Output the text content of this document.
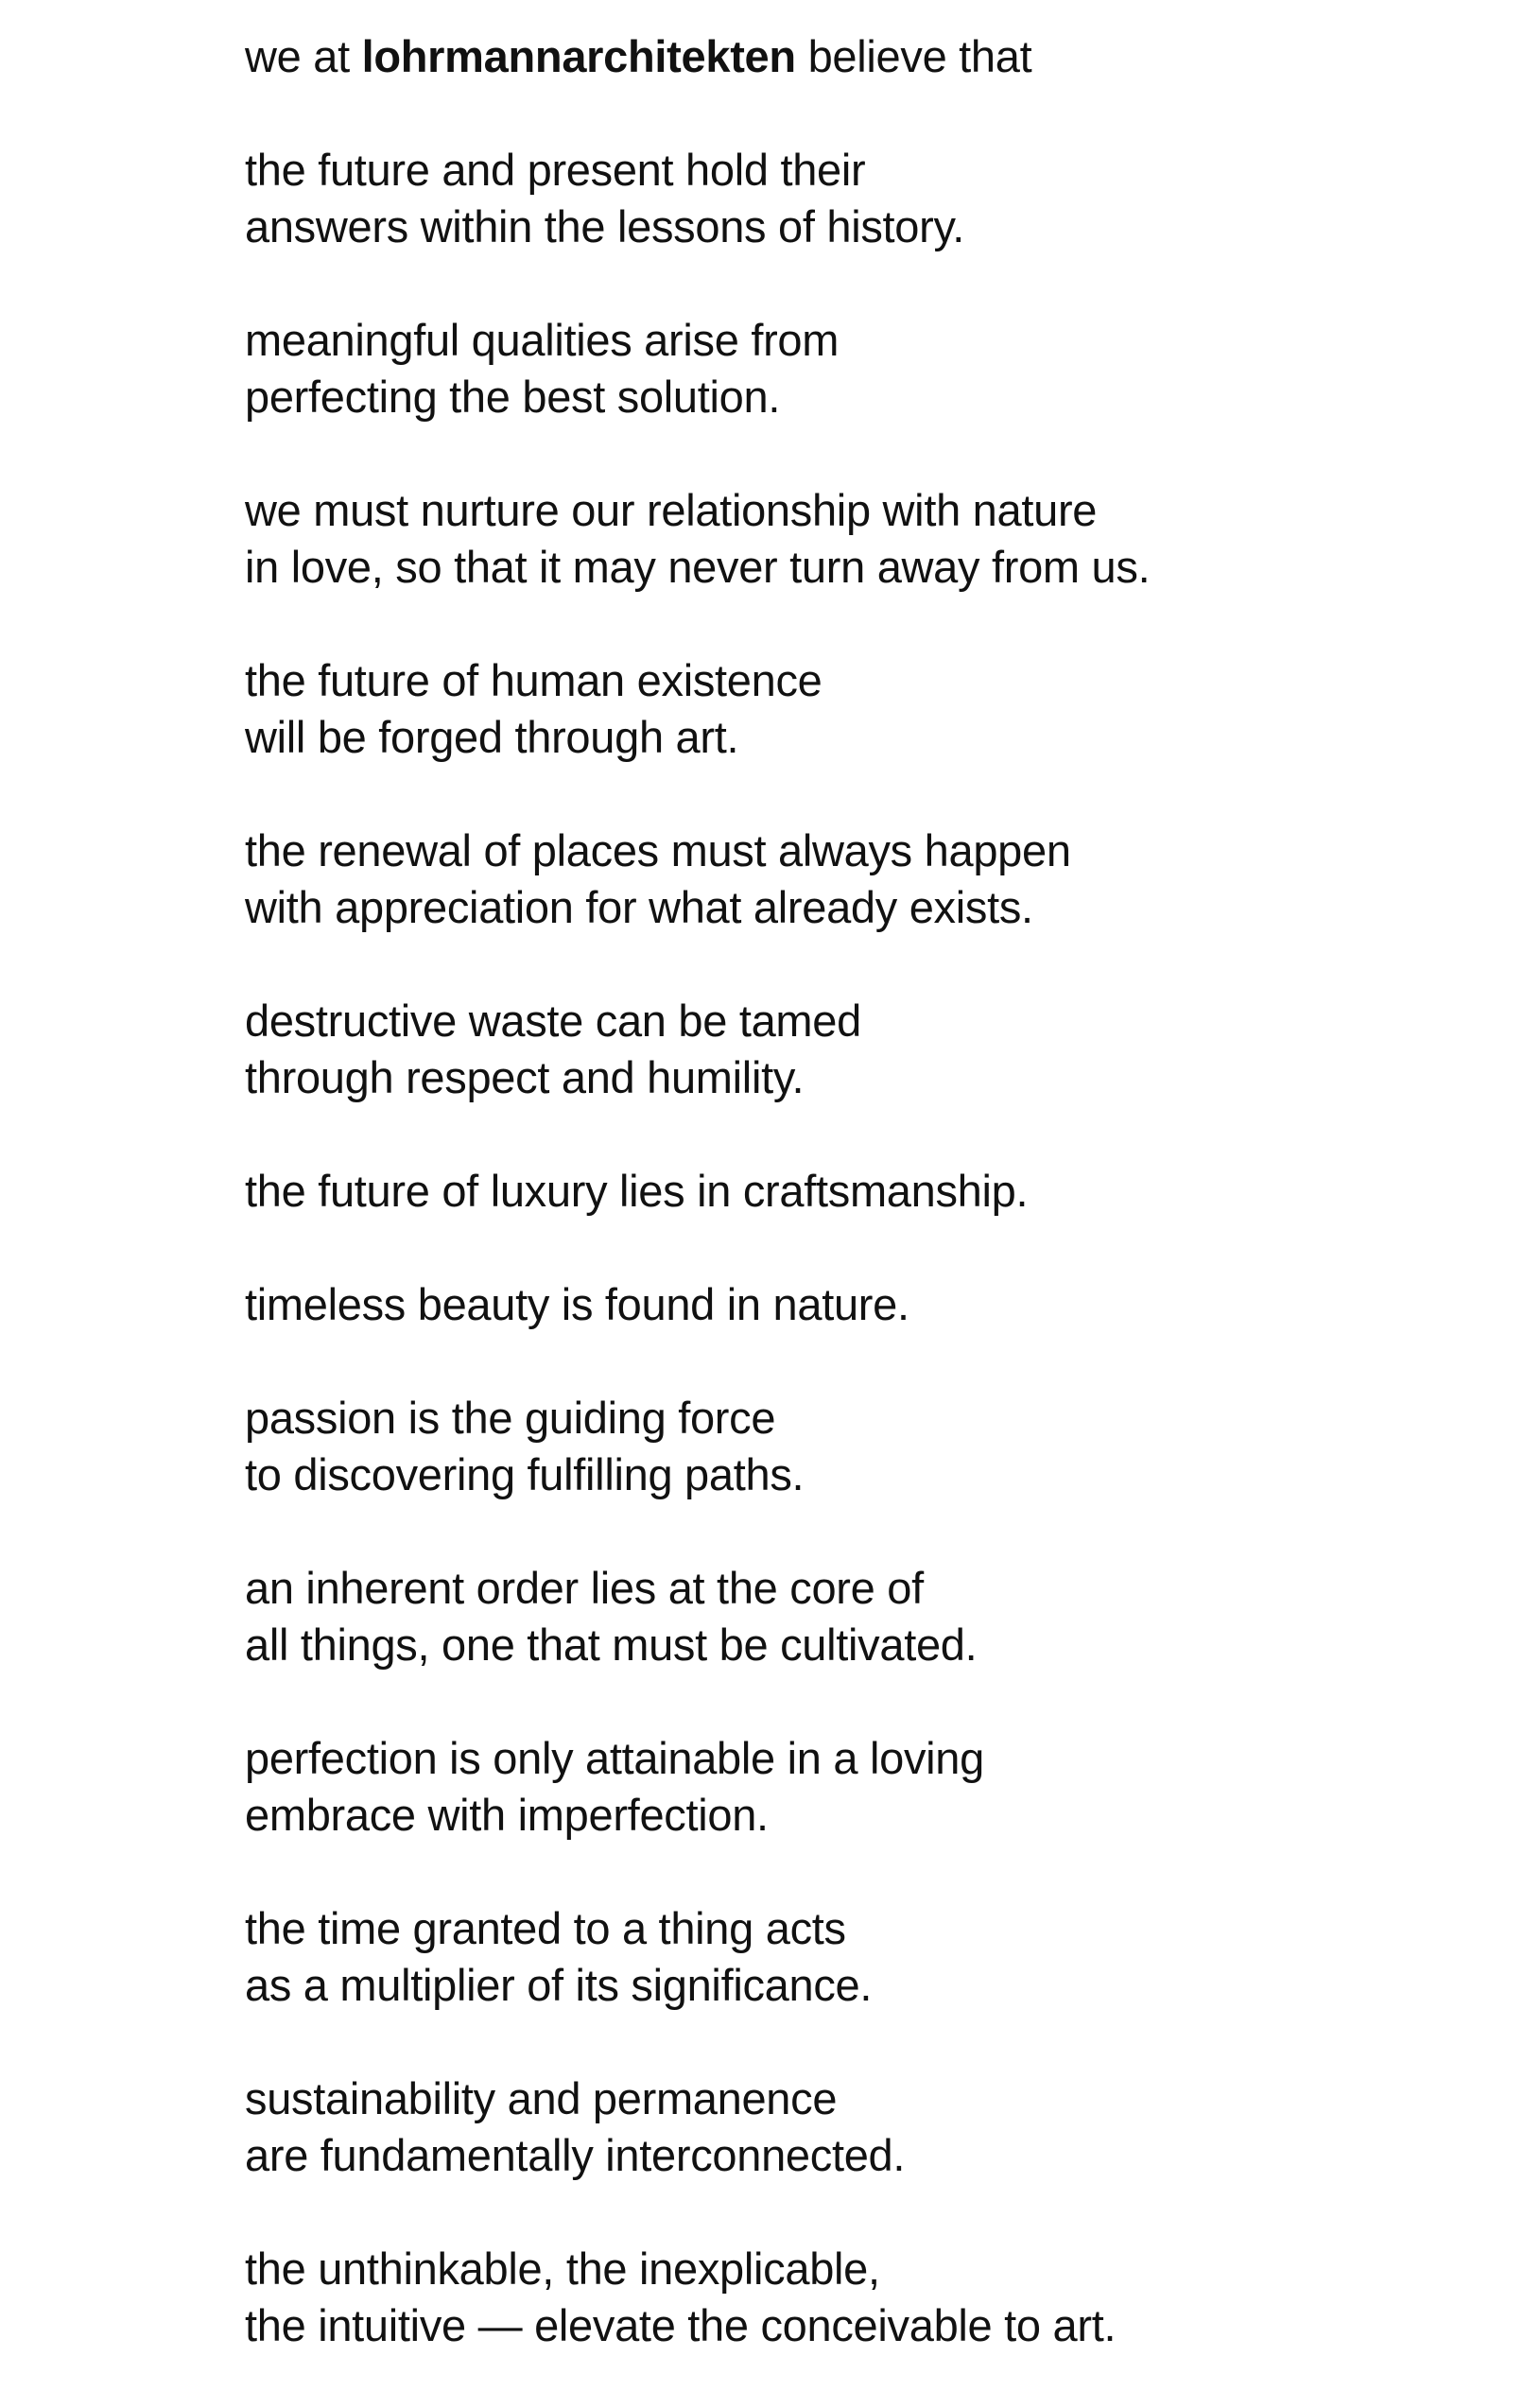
we at lohrmannarchitekten believe that
the future and present hold their
answers within the lessons of history.
meaningful qualities arise from
perfecting the best solution.
we must nurture our relationship with nature
in love, so that it may never turn away from us.
the future of human existence
will be forged through art.
the renewal of places must always happen
with appreciation for what already exists.
destructive waste can be tamed
through respect and humility.
the future of luxury lies in craftsmanship.
timeless beauty is found in nature.
passion is the guiding force
to discovering fulfilling paths.
an inherent order lies at the core of
all things, one that must be cultivated.
perfection is only attainable in a loving
embrace with imperfection.
the time granted to a thing acts
as a multiplier of its significance.
sustainability and permanence
are fundamentally interconnected.
the unthinkable, the inexplicable,
the intuitive — elevate the conceivable to art.
